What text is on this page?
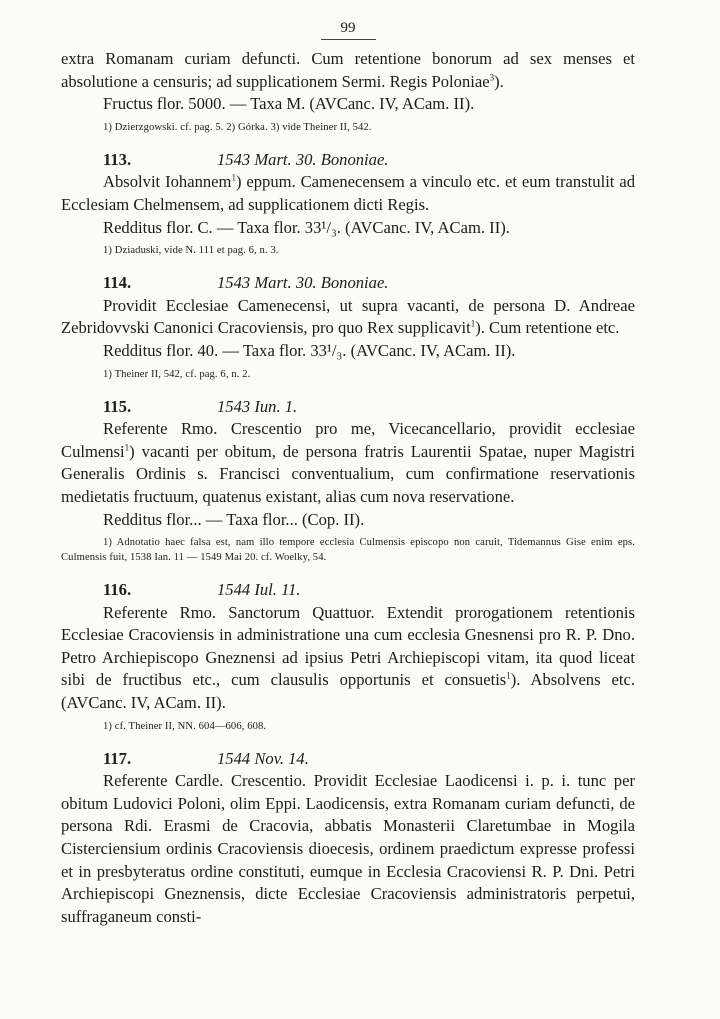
99

extra Romanam curiam defuncti. Cum retentione bonorum ad sex menses et absolutione a censuris; ad supplicationem Sermi. Regis Poloniae$^3$).

Fructus flor. 5000. — Taxa M. (AVCanc. IV, ACam. II).

1) Dzierzgowski. cf. pag. 5. 2) Górka. 3) vide Theiner II, 542.

113.	1543 Mart. 30. Bononiae.

Absolvit Iohannem$^1$) eppum. Camenecensem a vinculo etc. et eum transtulit ad Ecclesiam Chelmensem, ad supplicationem dicti Regis.

Redditus flor. C. — Taxa flor. 33¹/₃. (AVCanc. IV, ACam. II).

1) Dziaduski, vide N. 111 et pag. 6, n. 3.

114.	1543 Mart. 30. Bononiae.

Providit Ecclesiae Camenecensi, ut supra vacanti, de persona D. Andreae Zebridovvski Canonici Cracoviensis, pro quo Rex supplicavit$^1$). Cum retentione etc.

Redditus flor. 40. — Taxa flor. 33¹/₃. (AVCanc. IV, ACam. II).

1) Theiner II, 542, cf. pag. 6, n. 2.

115.	1543 Iun. 1.

Referente Rmo. Crescentio pro me, Vicecancellario, providit ecclesiae Culmensi$^1$) vacanti per obitum, de persona fratris Laurentii Spatae, nuper Magistri Generalis Ordinis s. Francisci conventualium, cum confirmatione reservationis medietatis fructuum, quatenus existant, alias cum nova reservatione.

Redditus flor... — Taxa flor... (Cop. II).

1) Adnotatio haec falsa est, nam illo tempore ecclesia Culmensis episcopo non caruit, Tidemannus Gise enim eps. Culmensis fuit, 1538 Ian. 11 — 1549 Mai 20. cf. Woelky, 54.

116.	1544 Iul. 11.

Referente Rmo. Sanctorum Quattuor. Extendit prorogationem retentionis Ecclesiae Cracoviensis in administratione una cum ecclesia Gnesnensi pro R. P. Dno. Petro Archiepiscopo Gneznensi ad ipsius Petri Archiepiscopi vitam, ita quod liceat sibi de fructibus etc., cum clausulis opportunis et consuetis$^1$). Absolvens etc. (AVCanc. IV, ACam. II).

1) cf. Theiner II, NN. 604—606, 608.

117.	1544 Nov. 14.

Referente Cardle. Crescentio. Providit Ecclesiae Laodicensi i. p. i. tunc per obitum Ludovici Poloni, olim Eppi. Laodicensis, extra Romanam curiam defuncti, de persona Rdi. Erasmi de Cracovia, abbatis Monasterii Claretumbae in Mogila Cisterciensium ordinis Cracoviensis dioecesis, ordinem praedictum expresse professi et in presbyteratus ordine constituti, eumque in Ecclesia Cracoviensi R. P. Dni. Petri Archiepiscopi Gneznensis, dicte Ecclesiae Cracoviensis administratoris perpetui, suffraganeum consti-
